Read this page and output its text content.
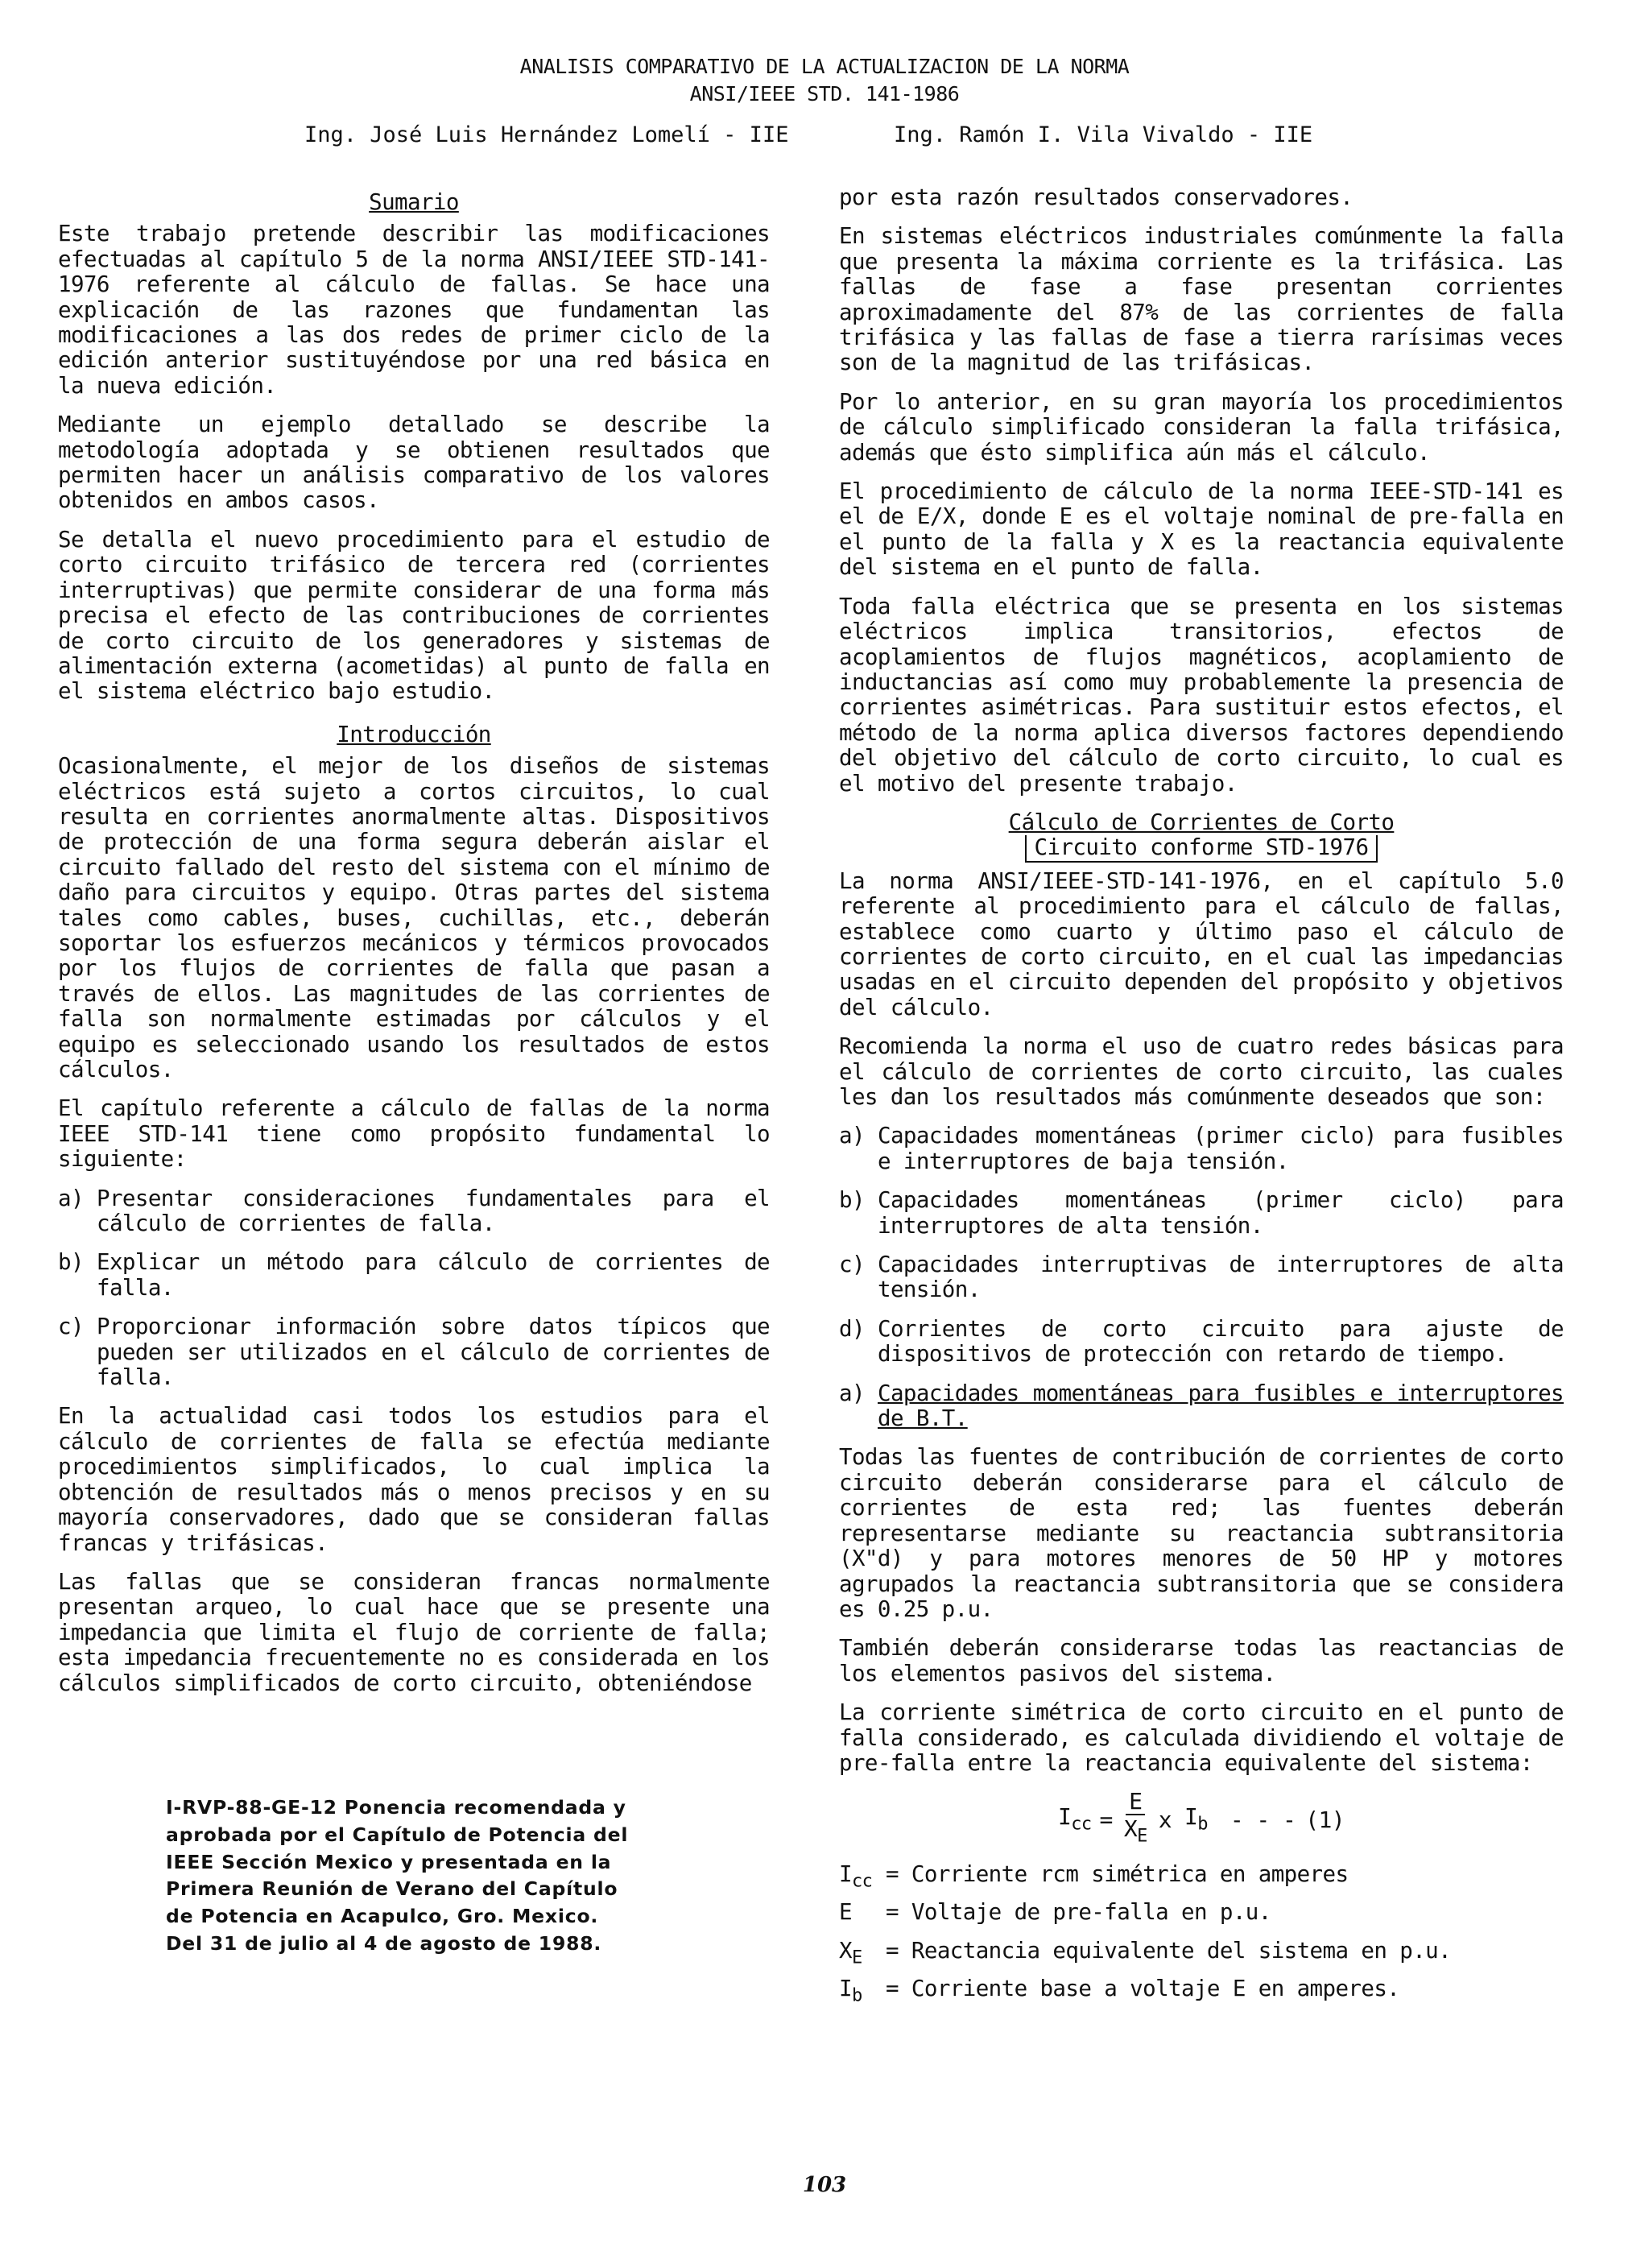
ANALISIS COMPARATIVO DE LA ACTUALIZACION DE LA NORMA
ANSI/IEEE STD. 141-1986
Ing. José Luis Hernández Lomelí - IIE	Ing. Ramón I. Vila Vivaldo - IIE
Sumario

Este trabajo pretende describir las modificaciones efectuadas al capítulo 5 de la norma ANSI/IEEE STD-141-1976 referente al cálculo de fallas. Se hace una explicación de las razones que fundamentan las modificaciones a las dos redes de primer ciclo de la edición anterior sustituyéndose por una red básica en la nueva edición.

Mediante un ejemplo detallado se describe la metodología adoptada y se obtienen resultados que permiten hacer un análisis comparativo de los valores obtenidos en ambos casos.

Se detalla el nuevo procedimiento para el estudio de corto circuito trifásico de tercera red (corrientes interruptivas) que permite considerar de una forma más precisa el efecto de las contribuciones de corrientes de corto circuito de los generadores y sistemas de alimentación externa (acometidas) al punto de falla en el sistema eléctrico bajo estudio.

Introducción

Ocasionalmente, el mejor de los diseños de sistemas eléctricos está sujeto a cortos circuitos, lo cual resulta en corrientes anormalmente altas. Dispositivos de protección de una forma segura deberán aislar el circuito fallado del resto del sistema con el mínimo de daño para circuitos y equipo. Otras partes del sistema tales como cables, buses, cuchillas, etc., deberán soportar los esfuerzos mecánicos y térmicos provocados por los flujos de corrientes de falla que pasan a través de ellos. Las magnitudes de las corrientes de falla son normalmente estimadas por cálculos y el equipo es seleccionado usando los resultados de estos cálculos.

El capítulo referente a cálculo de fallas de la norma IEEE STD-141 tiene como propósito fundamental lo siguiente:

a) Presentar consideraciones fundamentales para el cálculo de corrientes de falla.
b) Explicar un método para cálculo de corrientes de falla.
c) Proporcionar información sobre datos típicos que pueden ser utilizados en el cálculo de corrientes de falla.

En la actualidad casi todos los estudios para el cálculo de corrientes de falla se efectúa mediante procedimientos simplificados, lo cual implica la obtención de resultados más o menos precisos y en su mayoría conservadores, dado que se consideran fallas francas y trifásicas.

Las fallas que se consideran francas normalmente presentan arqueo, lo cual hace que se presente una impedancia que limita el flujo de corriente de falla; esta impedancia frecuentemente no es considerada en los cálculos simplificados de corto circuito, obteniéndose

I-RVP-88-GE-12 Ponencia recomendada y
aprobada por el Capítulo de Potencia del
IEEE Sección Mexico y presentada en la
Primera Reunión de Verano del Capítulo
de Potencia en Acapulco, Gro. Mexico.
Del 31 de julio al 4 de agosto de 1988.

por esta razón resultados conservadores.

En sistemas eléctricos industriales comúnmente la falla que presenta la máxima corriente es la trifásica. Las fallas de fase a fase presentan corrientes aproximadamente del 87% de las corrientes de falla trifásica y las fallas de fase a tierra rarísimas veces son de la magnitud de las trifásicas.

Por lo anterior, en su gran mayoría los procedimientos de cálculo simplificado consideran la falla trifásica, además que ésto simplifica aún más el cálculo.

El procedimiento de cálculo de la norma IEEE-STD-141 es el de E/X, donde E es el voltaje nominal de pre-falla en el punto de la falla y X es la reactancia equivalente del sistema en el punto de falla.

Toda falla eléctrica que se presenta en los sistemas eléctricos implica transitorios, efectos de acoplamientos de flujos magnéticos, acoplamiento de inductancias así como muy probablemente la presencia de corrientes asimétricas. Para sustituir estos efectos, el método de la norma aplica diversos factores dependiendo del objetivo del cálculo de corto circuito, lo cual es el motivo del presente trabajo.

Cálculo de Corrientes de Corto
Circuito conforme STD-1976

La norma ANSI/IEEE-STD-141-1976, en el capítulo 5.0 referente al procedimiento para el cálculo de fallas, establece como cuarto y último paso el cálculo de corrientes de corto circuito, en el cual las impedancias usadas en el circuito dependen del propósito y objetivos del cálculo.

Recomienda la norma el uso de cuatro redes básicas para el cálculo de corrientes de corto circuito, las cuales les dan los resultados más comúnmente deseados que son:

a) Capacidades momentáneas (primer ciclo) para fusibles e interruptores de baja tensión.
b) Capacidades momentáneas (primer ciclo) para interruptores de alta tensión.
c) Capacidades interruptivas de interruptores de alta tensión.
d) Corrientes de corto circuito para ajuste de dispositivos de protección con retardo de tiempo.
a) Capacidades momentáneas para fusibles e interruptores de B.T.

Todas las fuentes de contribución de corrientes de corto circuito deberán considerarse para el cálculo de corrientes de esta red; las fuentes deberán representarse mediante su reactancia subtransitoria (X"d) y para motores menores de 50 HP y motores agrupados la reactancia subtransitoria que se considera es 0.25 p.u.

También deberán considerarse todas las reactancias de los elementos pasivos del sistema.

La corriente simétrica de corto circuito en el punto de falla considerado, es calculada dividiendo el voltaje de pre-falla entre la reactancia equivalente del sistema:

$I_{cc} = \frac{E}{X_E}$ x $I_b$ - - - (1)
$I_{cc}$ = Corriente rcm simétrica en amperes
E	= Voltaje de pre-falla en p.u.
$X_E$	= Reactancia equivalente del sistema en p.u.
$I_b$	= Corriente base a voltaje E en amperes.
103
